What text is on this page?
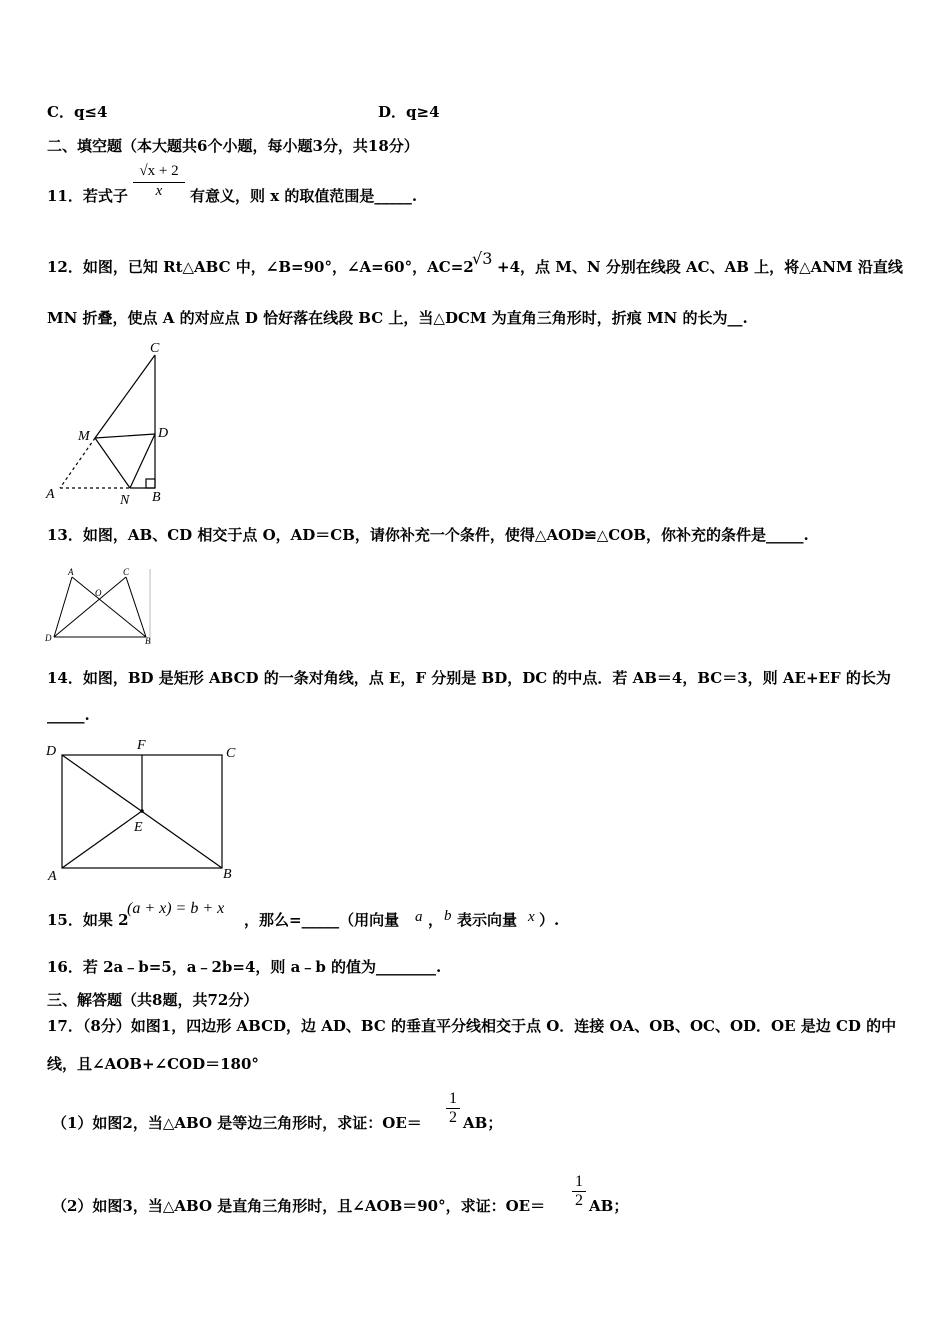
C．q≤4	D．q≥4
二、填空题（本大题共6个小题，每小题3分，共18分）
11．若式子 $\frac{√x + 2}{x}$ 有意义，则 x 的取值范围是_____.
12．如图，已知 Rt△ABC 中，∠B=90°，∠A=60°，AC=2
√3 +4，点 M、N 分别在线段 AC、AB 上，将△ANM 沿直线
MN 折叠，使点 A 的对应点 D 恰好落在线段 BC 上，当△DCM 为直角三角形时，折痕 MN 的长为__.
C
M	D
A	N B
13．如图，AB、CD 相交于点 O，AD＝CB，请你补充一个条件，使得△AOD≌△COB，你补充的条件是_____.
A	C
O
D	B
14．如图，BD 是矩形 ABCD 的一条对角线，点 E，F 分别是 BD，DC 的中点．若 AB＝4，BC＝3，则 AE+EF 的长为
_____.
D	F
C
E
A	B
15．如果 2
(a + x) = b + x
，那么=_____（用向量 a ， b 表示向量 x ）.
16．若 2a﹣b=5，a﹣2b=4，则 a﹣b 的值为________.
三、解答题（共8题，共72分）
17．（8分）如图1，四边形 ABCD，边 AD、BC 的垂直平分线相交于点 O．连接 OA、OB、OC、OD．OE 是边 CD 的中
线，且∠AOB+∠COD＝180°
（1）如图2，当△ABO 是等边三角形时，求证：$OE= \frac{1}{2}$ AB；
（2）如图3，当△ABO 是直角三角形时，且∠AOB＝90°，求证：$OE= \frac{1}{2}$ AB；
